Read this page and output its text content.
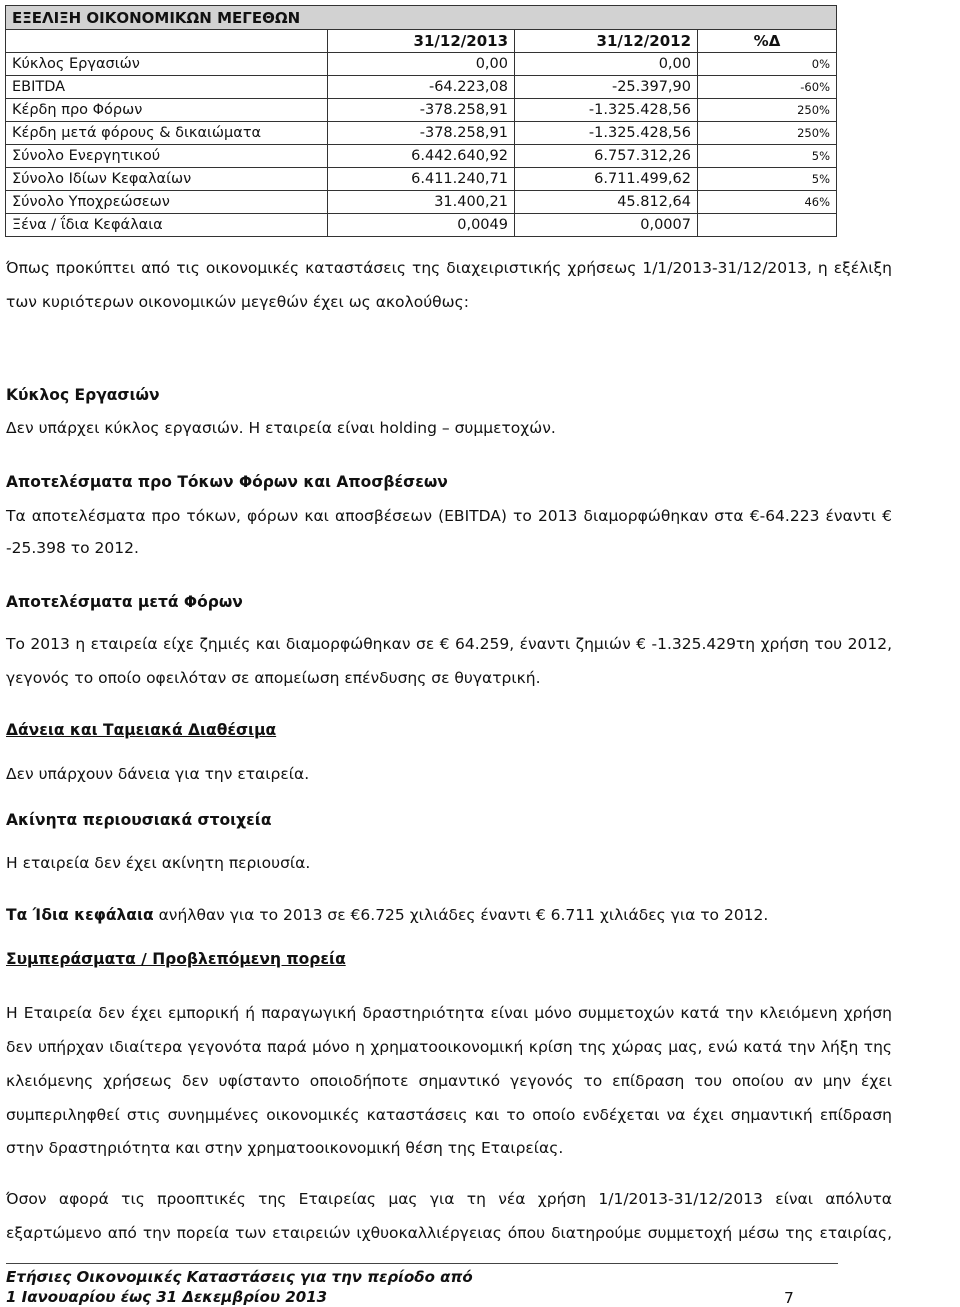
ΕΞΕΛΙΞΗ ΟΙΚΟΝΟΜΙΚΩΝ ΜΕΓΕΘΩΝ			
	31/12/2013	31/12/2012	%Δ
Κύκλος Εργασιών	0,00	0,00	0%
EBITDA	-64.223,08	-25.397,90	-60%
Κέρδη προ Φόρων	-378.258,91	-1.325.428,56	250%
Κέρδη μετά φόρους & δικαιώματα	-378.258,91	-1.325.428,56	250%
Σύνολο Ενεργητικού	6.442.640,92	6.757.312,26	5%
Σύνολο Ιδίων Κεφαλαίων	6.411.240,71	6.711.499,62	5%
Σύνολο Υποχρεώσεων	31.400,21	45.812,64	46%
Ξένα / ΐδια Κεφάλαια	0,0049	0,0007	

Όπως προκύπτει από τις οικονομικές καταστάσεις της διαχειριστικής χρήσεως 1/1/2013-31/12/2013, η εξέλιξη

των κυριότερων οικονομικών μεγεθών έχει ως ακολούθως:

Κύκλος Εργασιών

Δεν υπάρχει κύκλος εργασιών. Η εταιρεία είναι holding – συμμετοχών.

Αποτελέσματα προ Τόκων Φόρων και Αποσβέσεων

Τα αποτελέσματα προ τόκων, φόρων και αποσβέσεων (EBITDA) το 2013 διαμορφώθηκαν στα €-64.223 έναντι €

-25.398 το 2012.

Αποτελέσματα μετά Φόρων

Το 2013 η εταιρεία είχε ζημιές και διαμορφώθηκαν σε € 64.259, έναντι ζημιών € -1.325.429τη χρήση του 2012,

γεγονός το οποίο οφειλόταν σε απομείωση επένδυσης σε θυγατρική.

Δάνεια και Ταμειακά Διαθέσιμα

Δεν υπάρχουν δάνεια για την εταιρεία.

Ακίνητα περιουσιακά στοιχεία

Η εταιρεία δεν έχει ακίνητη περιουσία.

Τα Ίδια κεφάλαια ανήλθαν για το 2013 σε €6.725 χιλιάδες έναντι € 6.711 χιλιάδες για το 2012.

Συμπεράσματα / Προβλεπόμενη πορεία

Η Εταιρεία δεν έχει εμπορική ή παραγωγική δραστηριότητα είναι μόνο συμμετοχών κατά την κλειόμενη χρήση

δεν υπήρχαν ιδιαίτερα γεγονότα παρά μόνο η χρηματοοικονομική κρίση της χώρας μας, ενώ κατά την λήξη της

κλειόμενης χρήσεως δεν υφίσταντο οποιοδήποτε σημαντικό γεγονός το επίδραση του οποίου αν μην έχει

συμπεριληφθεί στις συνημμένες οικονομικές καταστάσεις και το οποίο ενδέχεται να έχει σημαντική επίδραση

στην δραστηριότητα και στην χρηματοοικονομική θέση της Εταιρείας.

Όσον αφορά τις προοπτικές της Εταιρείας μας για τη νέα χρήση 1/1/2013-31/12/2013 είναι απόλυτα

εξαρτώμενο από την πορεία των εταιρειών ιχθυοκαλλιέργειας όπου διατηρούμε συμμετοχή μέσω της εταιρίας,

Ετήσιες Οικονομικές Καταστάσεις για την περίοδο από
1 Ιανουαρίου έως 31 Δεκεμβρίου 2013	7
